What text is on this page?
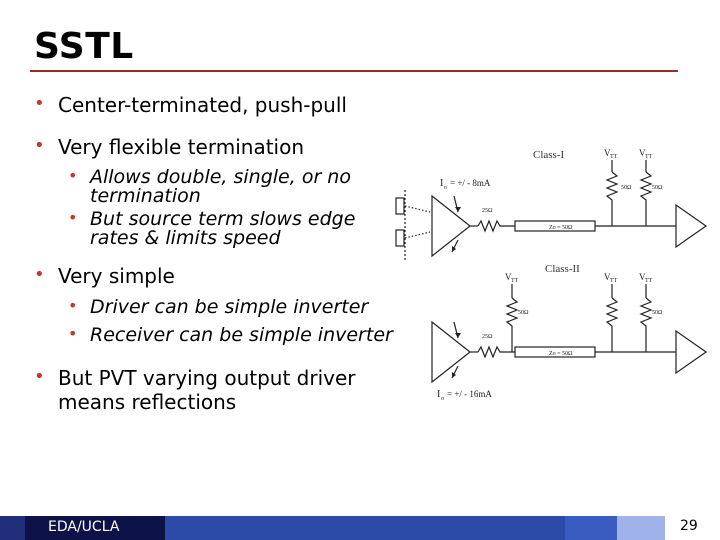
SSTL
• Center-terminated, push-pull
• Very flexible termination
• Allows double, single, or no termination
• But source term slows edge rates & limits speed
• Very simple
• Driver can be simple inverter
• Receiver can be simple inverter
• But PVT varying output driver means reflections
Class-I	V TT V TT
50Ω
I o = +/ - 8mA
25Ω
Zo = 50Ω
50Ω
Class-II
V TT	V TT V TT
50Ω	50Ω
25Ω
Zo = 50Ω
I o = +/ - 16mA
EDA/UCLA	29
